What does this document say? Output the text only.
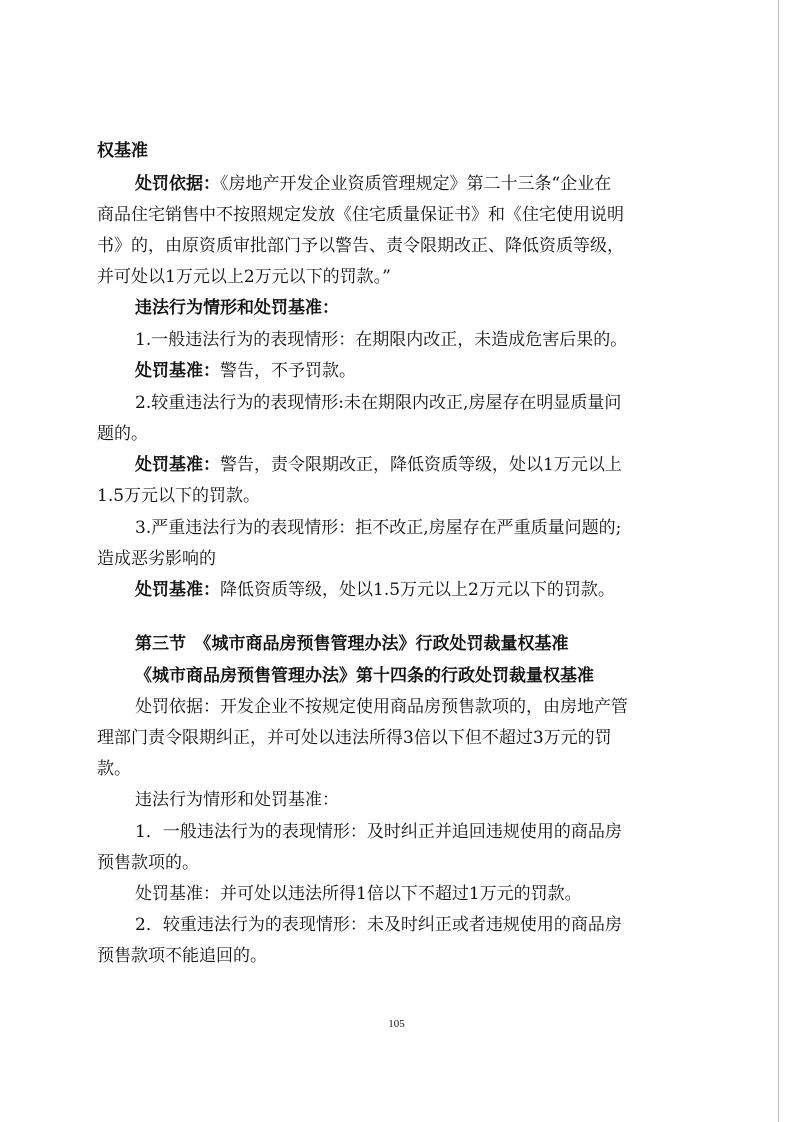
权基准
处罚依据：《房地产开发企业资质管理规定》第二十三条“企业在
商品住宅销售中不按照规定发放《住宅质量保证书》和《住宅使用说明
书》的，由原资质审批部门予以警告、责令限期改正、降低资质等级，
并可处以1万元以上2万元以下的罚款。”
违法行为情形和处罚基准：
1.一般违法行为的表现情形：在期限内改正，未造成危害后果的。
处罚基准：警告，不予罚款。
2.较重违法行为的表现情形:未在期限内改正,房屋存在明显质量问
题的。
处罚基准：警告，责令限期改正，降低资质等级，处以1万元以上
1.5万元以下的罚款。
3.严重违法行为的表现情形：拒不改正,房屋存在严重质量问题的;
造成恶劣影响的
处罚基准：降低资质等级，处以1.5万元以上2万元以下的罚款。
第三节　《城市商品房预售管理办法》行政处罚裁量权基准
《城市商品房预售管理办法》第十四条的行政处罚裁量权基准
处罚依据：开发企业不按规定使用商品房预售款项的，由房地产管
理部门责令限期纠正，并可处以违法所得3倍以下但不超过3万元的罚
款。
违法行为情形和处罚基准：
1．一般违法行为的表现情形：及时纠正并追回违规使用的商品房
预售款项的。
处罚基准：并可处以违法所得1倍以下不超过1万元的罚款。
2．较重违法行为的表现情形：未及时纠正或者违规使用的商品房
预售款项不能追回的。
105
